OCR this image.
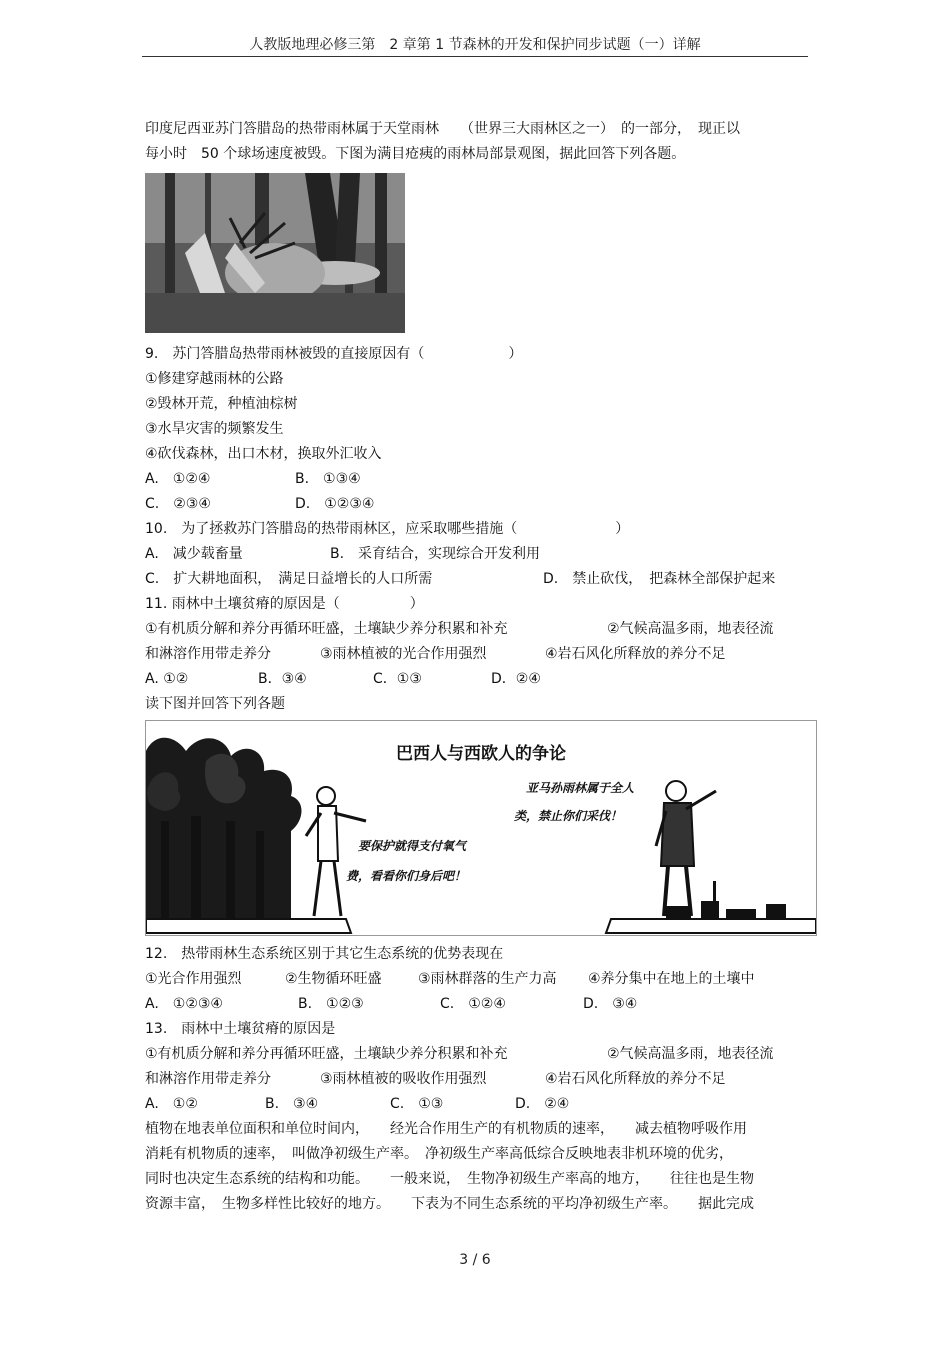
人教版地理必修三第　2 章第 1 节森林的开发和保护同步试题（一）详解
印度尼西亚苏门答腊岛的热带雨林属于天堂雨林　　（世界三大雨林区之一）　的一部分，　现正以
每小时　50 个球场速度被毁。下图为满目疮痍的雨林局部景观图，据此回答下列各题。
9.　苏门答腊岛热带雨林被毁的直接原因有（　　　　　　）
①修建穿越雨林的公路
②毁林开荒，种植油棕树
③水旱灾害的频繁发生
④砍伐森林，出口木材，换取外汇收入
A.　①②④	B.　①③④
C.　②③④	D.　①②③④
10.　为了拯救苏门答腊岛的热带雨林区，应采取哪些措施（　　　　　　　）
A.　减少载畜量	B.　采育结合，实现综合开发利用
C.　扩大耕地面积，　满足日益增长的人口所需	D.　禁止砍伐，　把森林全部保护起来
11. 雨林中土壤贫瘠的原因是（　　　　　）
①有机质分解和养分再循环旺盛，土壤缺少养分积累和补充	②气候高温多雨，地表径流
和淋溶作用带走养分	③雨林植被的光合作用强烈	④岩石风化所释放的养分不足
A. ①②	B．③④	C．①③	D．②④
读下图并回答下列各题
巴西人与西欧人的争论
亚马孙雨林属于全人
类，禁止你们采伐！
要保护就得支付氧气
费，看看你们身后吧！
12.　热带雨林生态系统区别于其它生态系统的优势表现在
①光合作用强烈	②生物循环旺盛	③雨林群落的生产力高 ④养分集中在地上的土壤中
A.　①②③④	B.　①②③	C.　①②④	D.　③④
13.　雨林中土壤贫瘠的原因是
①有机质分解和养分再循环旺盛，土壤缺少养分积累和补充	②气候高温多雨，地表径流
和淋溶作用带走养分	③雨林植被的吸收作用强烈	④岩石风化所释放的养分不足
A.　①②	B.　③④	C.　①③	D.　②④
植物在地表单位面积和单位时间内，　　经光合作用生产的有机物质的速率，　　减去植物呼吸作用
消耗有机物质的速率，　叫做净初级生产率。　净初级生产率高低综合反映地表非机环境的优劣，
同时也决定生态系统的结构和功能。　　一般来说，　生物净初级生产率高的地方，　　往往也是生物
资源丰富，　生物多样性比较好的地方。　　下表为不同生态系统的平均净初级生产率。　　据此完成
3 / 6
